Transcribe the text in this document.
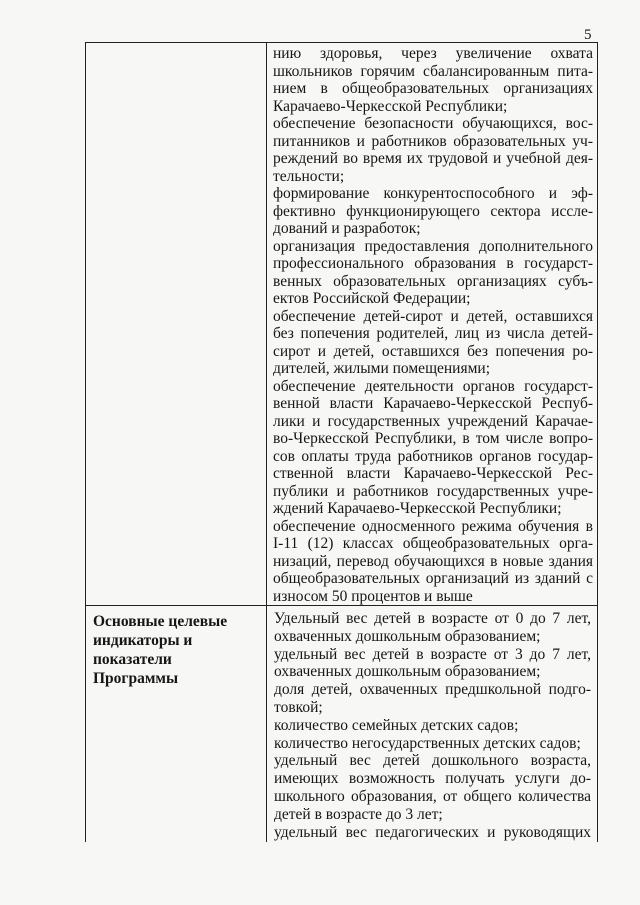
5
нию здоровья, через увеличение охвата
школьников горячим сбалансированным пита-
нием в общеобразовательных организациях
Карачаево-Черкесской Республики;
обеспечение безопасности обучающихся, вос-
питанников и работников образовательных уч-
реждений во время их трудовой и учебной дея-
тельности;
формирование конкурентоспособного и эф-
фективно функционирующего сектора иссле-
дований и разработок;
организация предоставления дополнительного
профессионального образования в государст-
венных образовательных организациях субъ-
ектов Российской Федерации;
обеспечение детей-сирот и детей, оставшихся
без попечения родителей, лиц из числа детей-
сирот и детей, оставшихся без попечения ро-
дителей, жилыми помещениями;
обеспечение деятельности органов государст-
венной власти Карачаево-Черкесской Респуб-
лики и государственных учреждений Карачае-
во-Черкесской Республики, в том числе вопро-
сов оплаты труда работников органов государ-
ственной власти Карачаево-Черкесской Рес-
публики и работников государственных учре-
ждений Карачаево-Черкесской Республики;
обеспечение односменного режима обучения в
I-11 (12) классах общеобразовательных орга-
низаций, перевод обучающихся в новые здания
общеобразовательных организаций из зданий с
износом 50 процентов и выше
Основные целевые индикаторы и показатели Программы
Удельный вес детей в возрасте от 0 до 7 лет,
охваченных дошкольным образованием;
удельный вес детей в возрасте от 3 до 7 лет,
охваченных дошкольным образованием;
доля детей, охваченных предшкольной подго-
товкой;
количество семейных детских садов;
количество негосударственных детских садов;
удельный вес детей дошкольного возраста,
имеющих возможность получать услуги до-
школьного образования, от общего количества
детей в возрасте до 3 лет;
удельный вес педагогических и руководящих
